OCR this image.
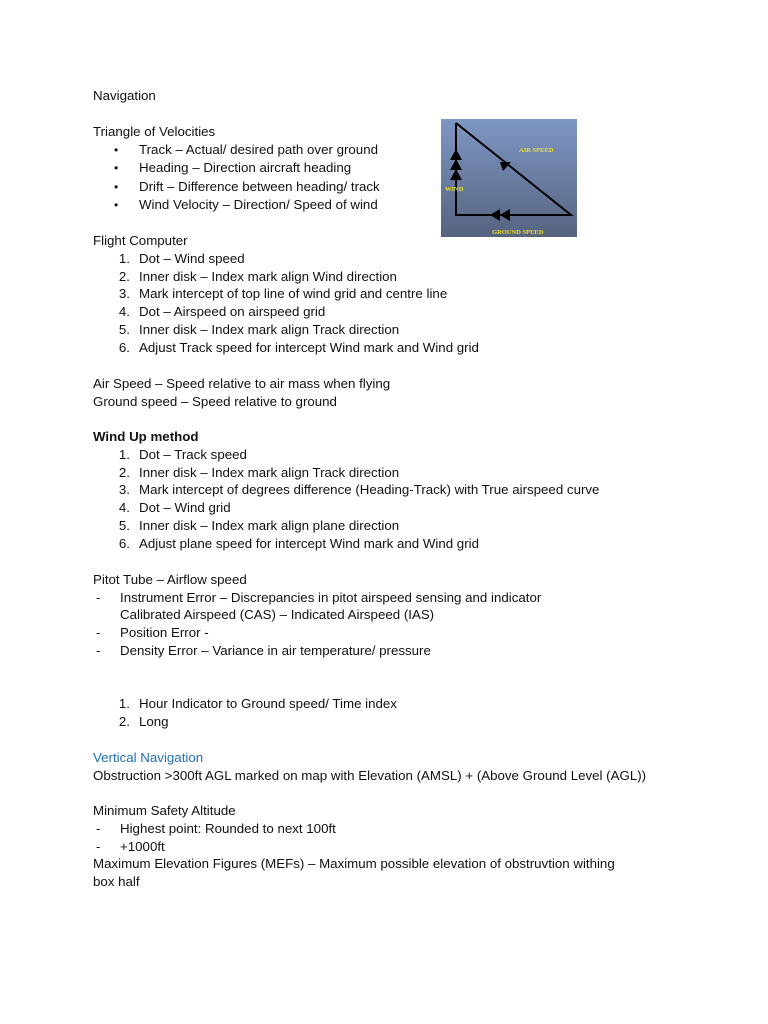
Navigation
Triangle of Velocities
• Track – Actual/ desired path over ground
• Heading – Direction aircraft heading
• Drift – Difference between heading/ track
• Wind Velocity – Direction/ Speed of wind
AIR SPEED
WIND
GROUND SPEED
Flight Computer
1. Dot – Wind speed
2. Inner disk – Index mark align Wind direction
3. Mark intercept of top line of wind grid and centre line
4. Dot – Airspeed on airspeed grid
5. Inner disk – Index mark align Track direction
6. Adjust Track speed for intercept Wind mark and Wind grid
Air Speed – Speed relative to air mass when flying
Ground speed – Speed relative to ground
Wind Up method
1. Dot – Track speed
2. Inner disk – Index mark align Track direction
3. Mark intercept of degrees difference (Heading-Track) with True airspeed curve
4. Dot – Wind grid
5. Inner disk – Index mark align plane direction
6. Adjust plane speed for intercept Wind mark and Wind grid
Pitot Tube – Airflow speed
- Instrument Error – Discrepancies in pitot airspeed sensing and indicator
Calibrated Airspeed (CAS) – Indicated Airspeed (IAS)
- Position Error -
- Density Error – Variance in air temperature/ pressure
1. Hour Indicator to Ground speed/ Time index
2. Long
Vertical Navigation
Obstruction >300ft AGL marked on map with Elevation (AMSL) + (Above Ground Level (AGL))
Minimum Safety Altitude
- Highest point: Rounded to next 100ft
- +1000ft
Maximum Elevation Figures (MEFs) – Maximum possible elevation of obstruvtion withing
box half
